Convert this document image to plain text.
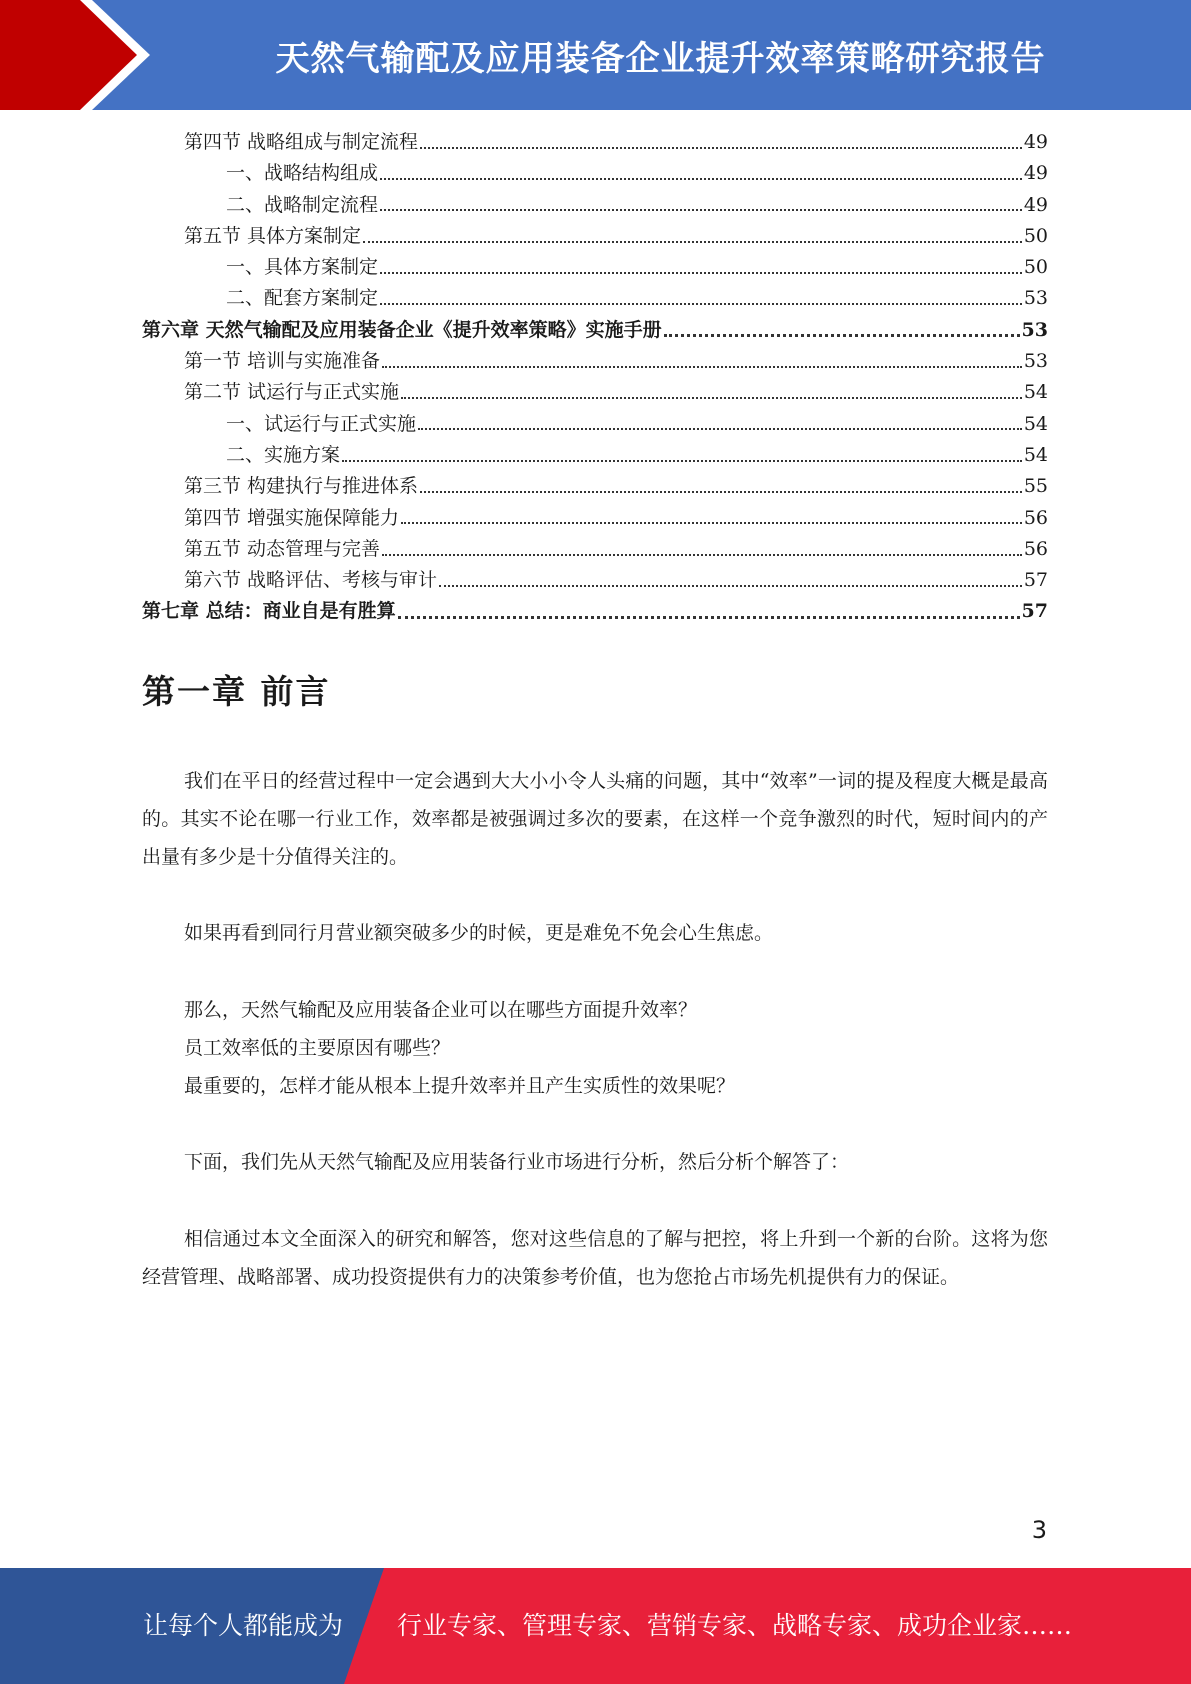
天然气输配及应用装备企业提升效率策略研究报告
第四节 战略组成与制定流程	49
一、战略结构组成	49
二、战略制定流程	49
第五节 具体方案制定	50
一、具体方案制定	50
二、配套方案制定	53
第六章 天然气输配及应用装备企业《提升效率策略》实施手册	53
第一节 培训与实施准备	53
第二节 试运行与正式实施	54
一、试运行与正式实施	54
二、实施方案	54
第三节 构建执行与推进体系	55
第四节 增强实施保障能力	56
第五节 动态管理与完善	56
第六节 战略评估、考核与审计	57
第七章 总结：商业自是有胜算	57
第一章 前言

我们在平日的经营过程中一定会遇到大大小小令人头痛的问题，其中“效率”一词的提及程度大概是最高的。其实不论在哪一行业工作，效率都是被强调过多次的要素，在这样一个竞争激烈的时代，短时间内的产出量有多少是十分值得关注的。

如果再看到同行月营业额突破多少的时候，更是难免不免会心生焦虑。

那么，天然气输配及应用装备企业可以在哪些方面提升效率？

员工效率低的主要原因有哪些？

最重要的，怎样才能从根本上提升效率并且产生实质性的效果呢？

下面，我们先从天然气输配及应用装备行业市场进行分析，然后分析个解答了：

相信通过本文全面深入的研究和解答，您对这些信息的了解与把控，将上升到一个新的台阶。这将为您经营管理、战略部署、成功投资提供有力的决策参考价值，也为您抢占市场先机提供有力的保证。

3
让每个人都能成为 行业专家、管理专家、营销专家、战略专家、成功企业家……
